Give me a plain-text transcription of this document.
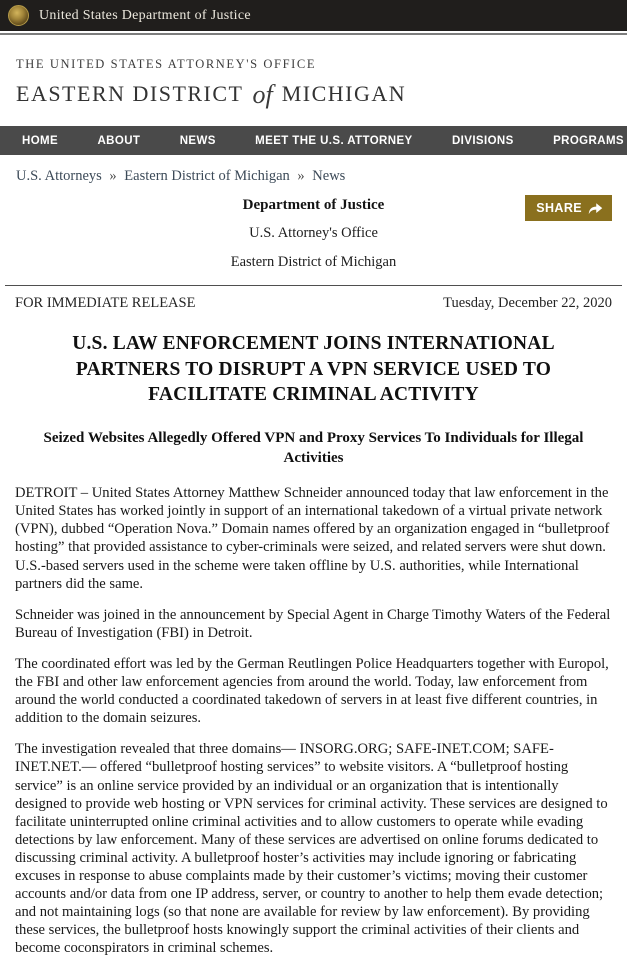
United States Department of Justice
THE UNITED STATES ATTORNEY'S OFFICE
EASTERN DISTRICT of MICHIGAN
HOME	ABOUT	NEWS	MEET THE U.S. ATTORNEY	DIVISIONS	PROGRAMS
U.S. Attorneys » Eastern District of Michigan » News
Department of Justice
U.S. Attorney's Office
Eastern District of Michigan
SHARE
FOR IMMEDIATE RELEASE	Tuesday, December 22, 2020
U.S. LAW ENFORCEMENT JOINS INTERNATIONAL PARTNERS TO DISRUPT A VPN SERVICE USED TO FACILITATE CRIMINAL ACTIVITY
Seized Websites Allegedly Offered VPN and Proxy Services To Individuals for Illegal Activities

DETROIT – United States Attorney Matthew Schneider announced today that law enforcement in the United States has worked jointly in support of an international takedown of a virtual private network (VPN), dubbed “Operation Nova.” Domain names offered by an organization engaged in “bulletproof hosting” that provided assistance to cyber-criminals were seized, and related servers were shut down. U.S.-based servers used in the scheme were taken offline by U.S. authorities, while International partners did the same.

Schneider was joined in the announcement by Special Agent in Charge Timothy Waters of the Federal Bureau of Investigation (FBI) in Detroit.

The coordinated effort was led by the German Reutlingen Police Headquarters together with Europol, the FBI and other law enforcement agencies from around the world. Today, law enforcement from around the world conducted a coordinated takedown of servers in at least five different countries, in addition to the domain seizures.

The investigation revealed that three domains— INSORG.ORG; SAFE-INET.COM; SAFE-INET.NET.— offered “bulletproof hosting services” to website visitors. A “bulletproof hosting service” is an online service provided by an individual or an organization that is intentionally designed to provide web hosting or VPN services for criminal activity. These services are designed to facilitate uninterrupted online criminal activities and to allow customers to operate while evading detections by law enforcement. Many of these services are advertised on online forums dedicated to discussing criminal activity. A bulletproof hoster’s activities may include ignoring or fabricating excuses in response to abuse complaints made by their customer’s victims; moving their customer accounts and/or data from one IP address, server, or country to another to help them evade detection; and not maintaining logs (so that none are available for review by law enforcement). By providing these services, the bulletproof hosts knowingly support the criminal activities of their clients and become coconspirators in criminal schemes.
